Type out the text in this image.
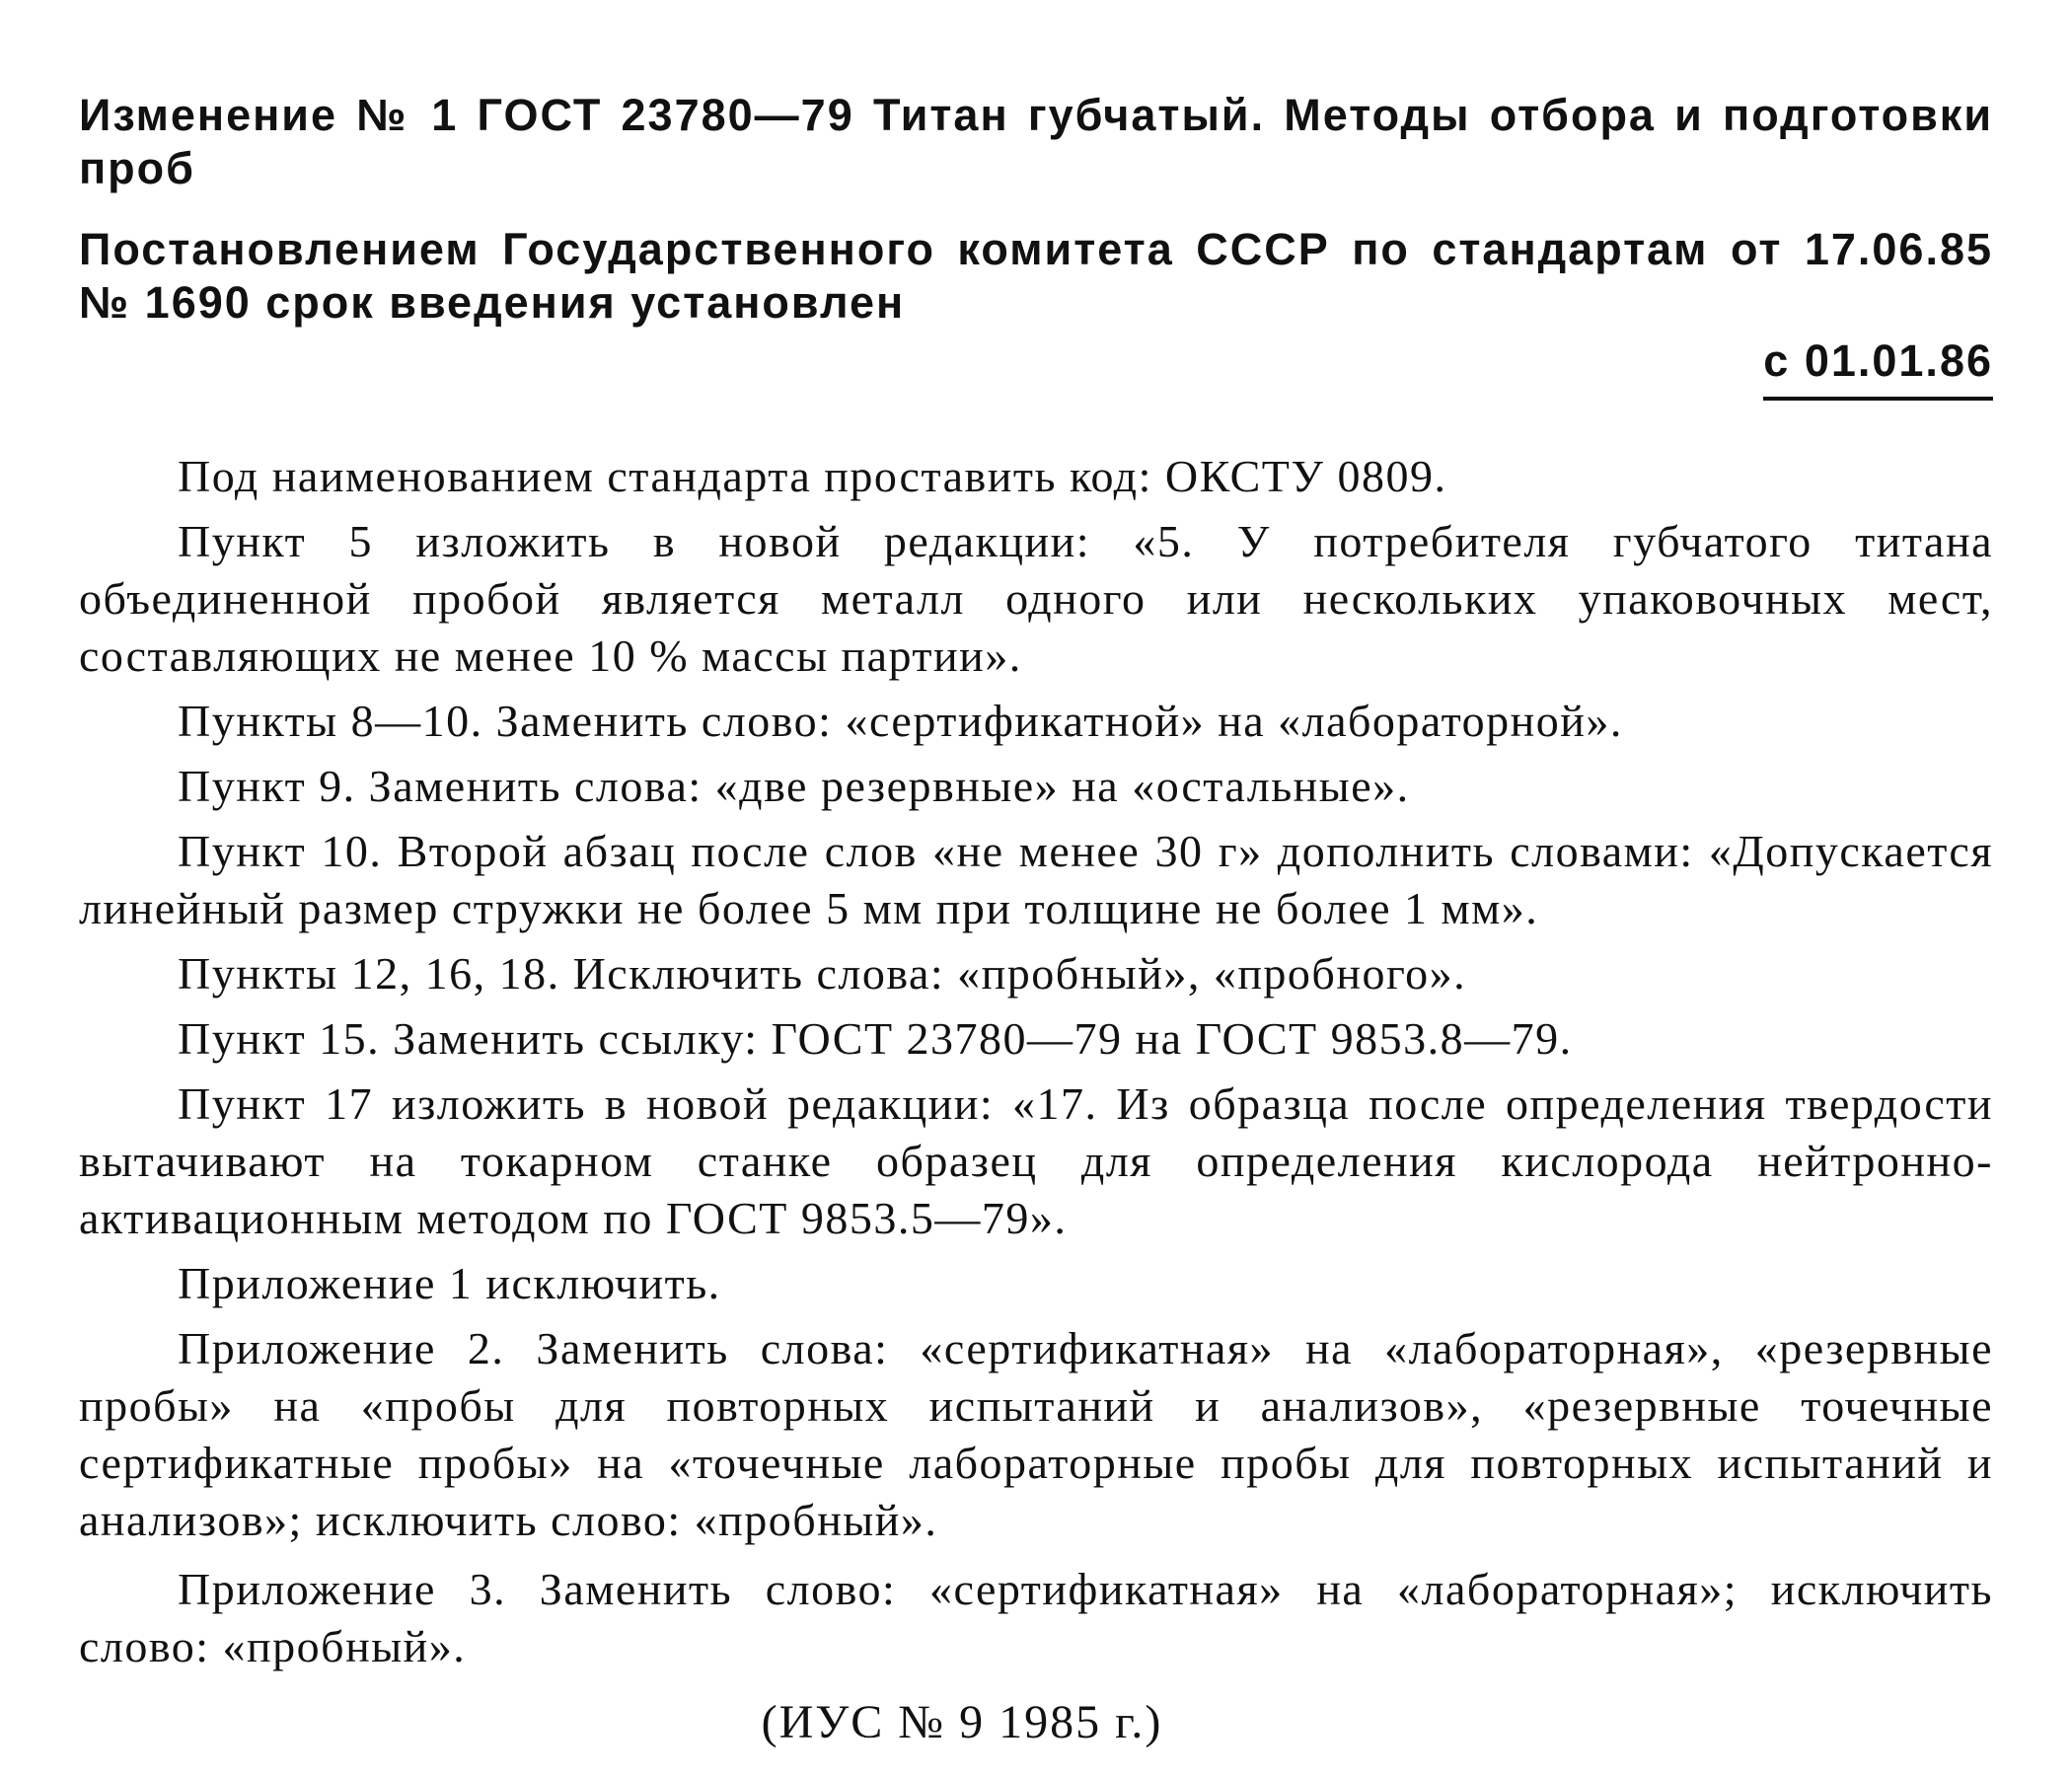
Изменение № 1 ГОСТ 23780—79 Титан губчатый. Методы отбора и подготовки проб

Постановлением Государственного комитета СССР по стандартам от 17.06.85 № 1690 срок введения установлен

с 01.01.86

Под наименованием стандарта проставить код: ОКСТУ 0809.

Пункт 5 изложить в новой редакции: «5. У потребителя губчатого титана объединенной пробой является металл одного или нескольких упаковочных мест, составляющих не менее 10 % массы партии».

Пункты 8—10. Заменить слово: «сертификатной» на «лабораторной».

Пункт 9. Заменить слова: «две резервные» на «остальные».

Пункт 10. Второй абзац после слов «не менее 30 г» дополнить словами: «Допускается линейный размер стружки не более 5 мм при толщине не более 1 мм».

Пункты 12, 16, 18. Исключить слова: «пробный», «пробного».

Пункт 15. Заменить ссылку: ГОСТ 23780—79 на ГОСТ 9853.8—79.

Пункт 17 изложить в новой редакции: «17. Из образца после определения твердости вытачивают на токарном станке образец для определения кислорода нейтронно-активационным методом по ГОСТ 9853.5—79».

Приложение 1 исключить.

Приложение 2. Заменить слова: «сертификатная» на «лабораторная», «резервные пробы» на «пробы для повторных испытаний и анализов», «резервные точечные сертификатные пробы» на «точечные лабораторные пробы для повторных испытаний и анализов»; исключить слово: «пробный».

Приложение 3. Заменить слово: «сертификатная» на «лабораторная»; исключить слово: «пробный».

(ИУС № 9 1985 г.)
